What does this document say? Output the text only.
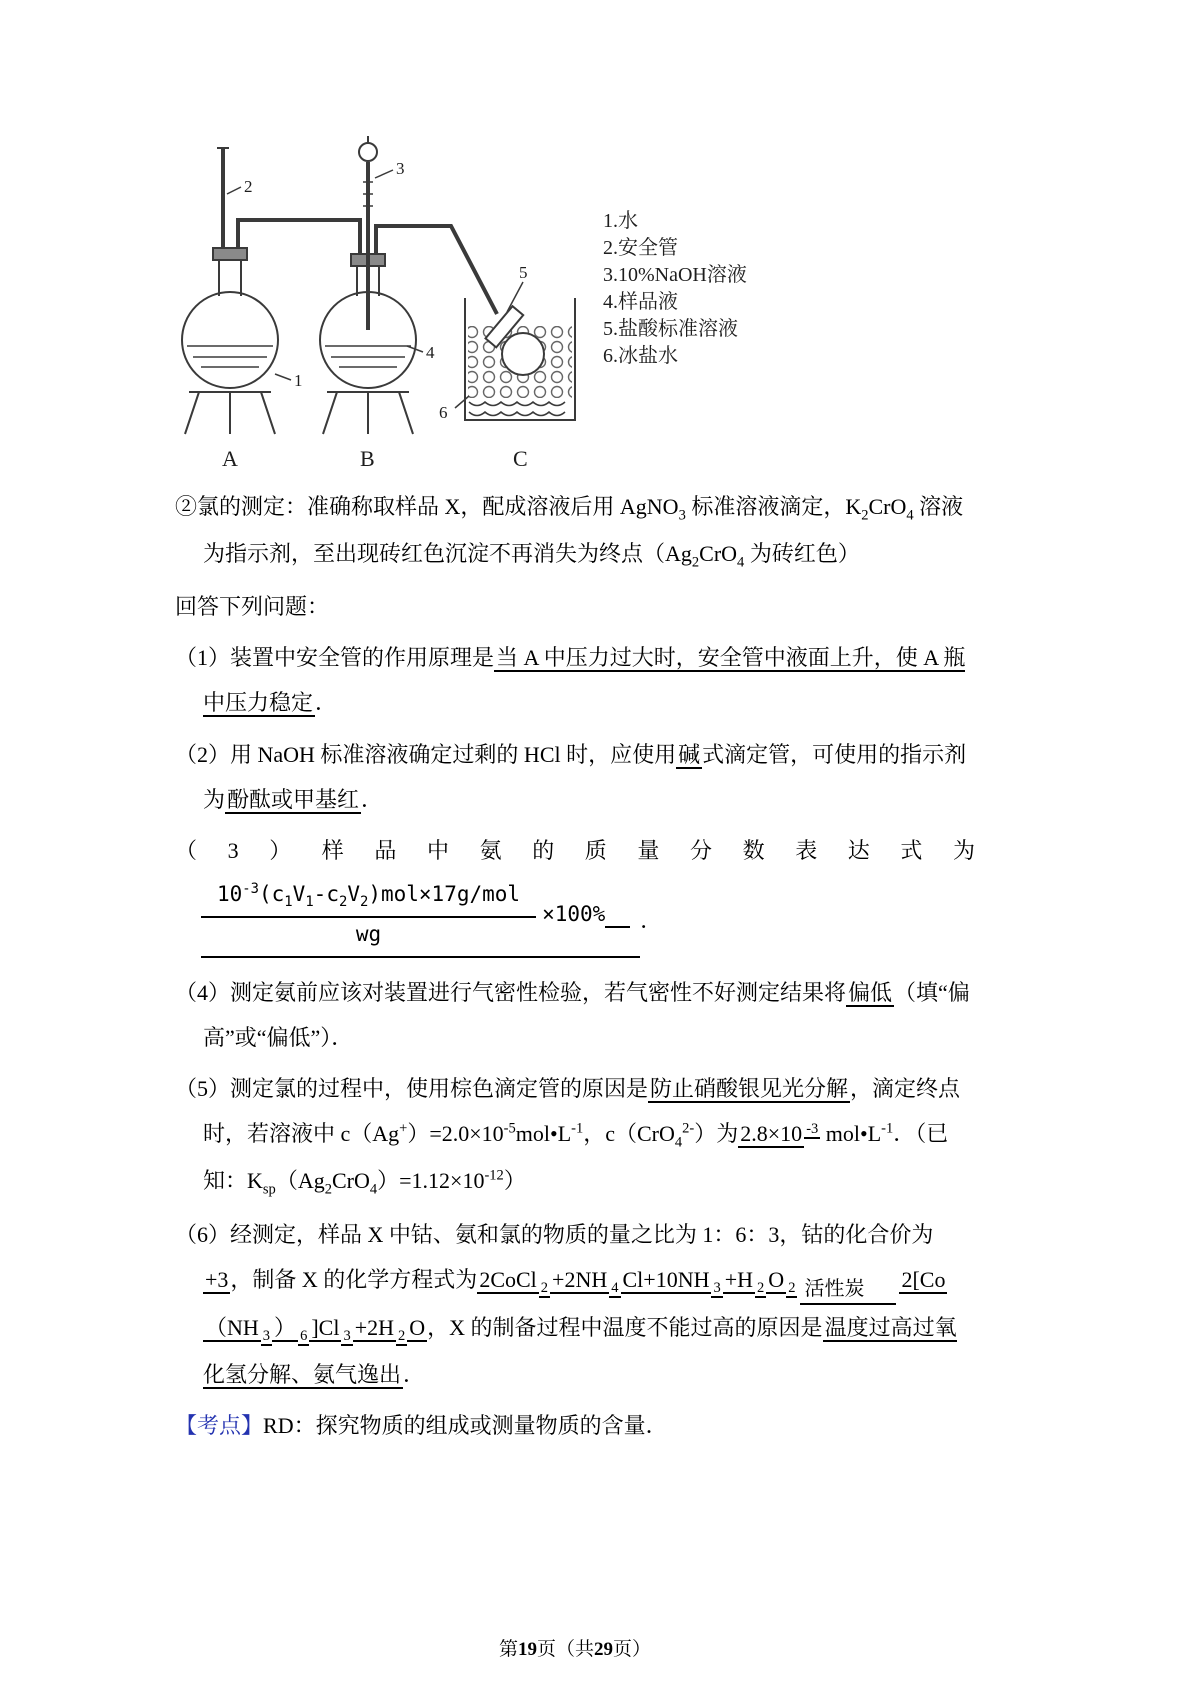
1
2
3
4
5
6
A	B	C
1.水
2.安全管
3.10%NaOH溶液
4.样品液
5.盐酸标准溶液
6.冰盐水

②氯的测定：准确称取样品 X，配成溶液后用 AgNO$_3$ 标准溶液滴定，$K_2CrO_4$ 溶液为指示剂，至出现砖红色沉淀不再消失为终点（$Ag_2CrO_4$ 为砖红色）

回答下列问题：

（1）装置中安全管的作用原理是当 A 中压力过大时，安全管中液面上升，使 A 瓶中压力稳定．

（2）用 NaOH 标准溶液确定过剩的 HCl 时，应使用碱式滴定管，可使用的指示剂为酚酞或甲基红．

（3）样品中氨的质量分数表达式为

$\frac{10^{-3}(c_1V_1-c_2V_2)mol\times 17g/mol}{wg} \times 100\%$　	．

（4）测定氨前应该对装置进行气密性检验，若气密性不好测定结果将偏低（填“偏高”或“偏低”）．

（5）测定氯的过程中，使用棕色滴定管的原因是防止硝酸银见光分解，滴定终点时，若溶液中 $c(Ag^+)=2.0\times 10^{-5}mol•L^{-1}$，c（CrO$_4^{2-}$）为2.8×10 $^{-3}$ $mol•L^{-1}$．（已知：$K_{sp}(Ag_2CrO_4)=1.12\times 10^{-12}$）

（6）经测定，样品 X 中钴、氨和氯的物质的量之比为 1：6：3，钴的化合价为+3，制备 X 的化学方程式为2CoCl $_2$ +2NH $_4$ Cl+10NH $_3$ +H $_2$ O $_2$ 活性炭 2[Co（NH $_3$ ） $_6$ ]Cl $_3$ +2H $_2$ O，X 的制备过程中温度不能过高的原因是温度过高过氧化氢分解、氨气逸出．

【考点】RD：探究物质的组成或测量物质的含量．

第19页（共29页）
